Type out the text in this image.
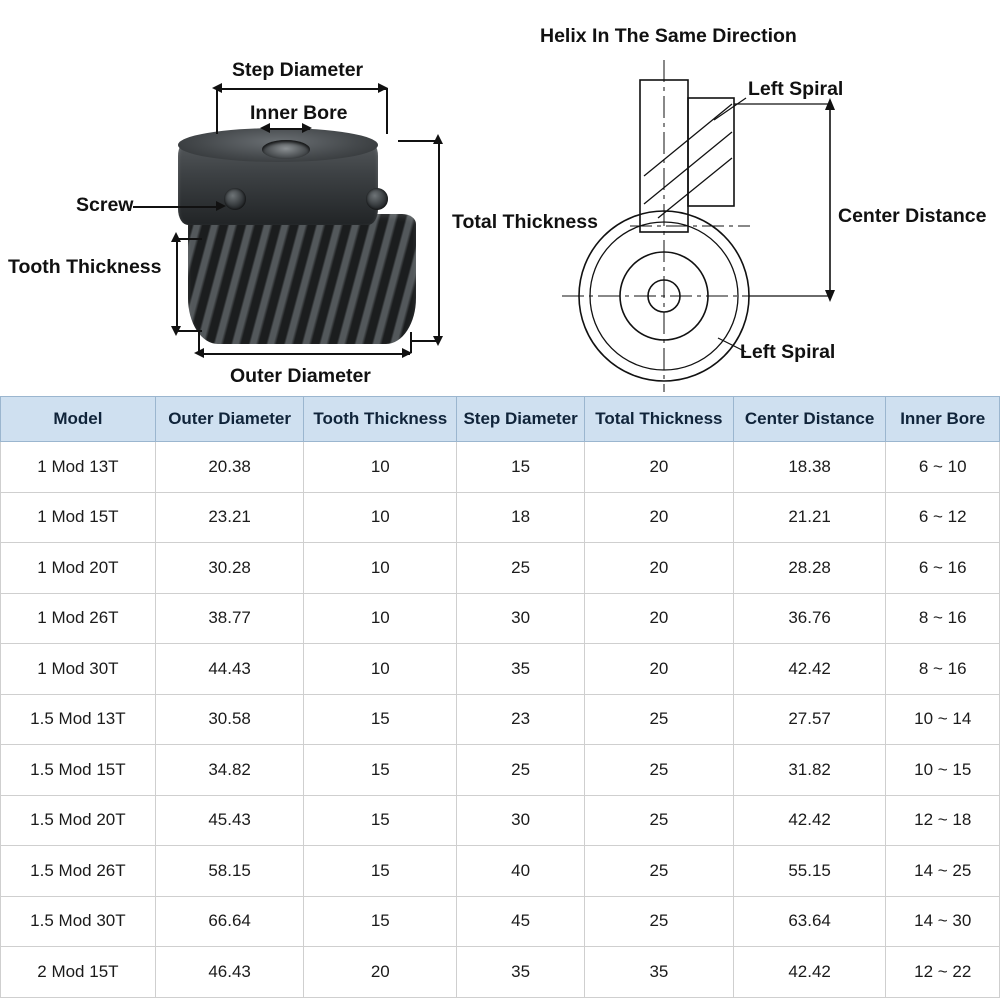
Step Diameter
Inner Bore
Screw
Tooth Thickness
Total Thickness
Outer Diameter
Helix In The Same Direction
Left Spiral
Center Distance
Left Spiral
Model	Outer Diameter	Tooth Thickness	Step Diameter	Total Thickness	Center Distance	Inner Bore
1 Mod 13T	20.38	10	15	20	18.38	6 ~ 10
1 Mod 15T	23.21	10	18	20	21.21	6 ~ 12
1 Mod 20T	30.28	10	25	20	28.28	6 ~ 16
1 Mod 26T	38.77	10	30	20	36.76	8 ~ 16
1 Mod 30T	44.43	10	35	20	42.42	8 ~ 16
1.5 Mod 13T	30.58	15	23	25	27.57	10 ~ 14
1.5 Mod 15T	34.82	15	25	25	31.82	10 ~ 15
1.5 Mod 20T	45.43	15	30	25	42.42	12 ~ 18
1.5 Mod 26T	58.15	15	40	25	55.15	14 ~ 25
1.5 Mod 30T	66.64	15	45	25	63.64	14 ~ 30
2 Mod 15T	46.43	20	35	35	42.42	12 ~ 22
